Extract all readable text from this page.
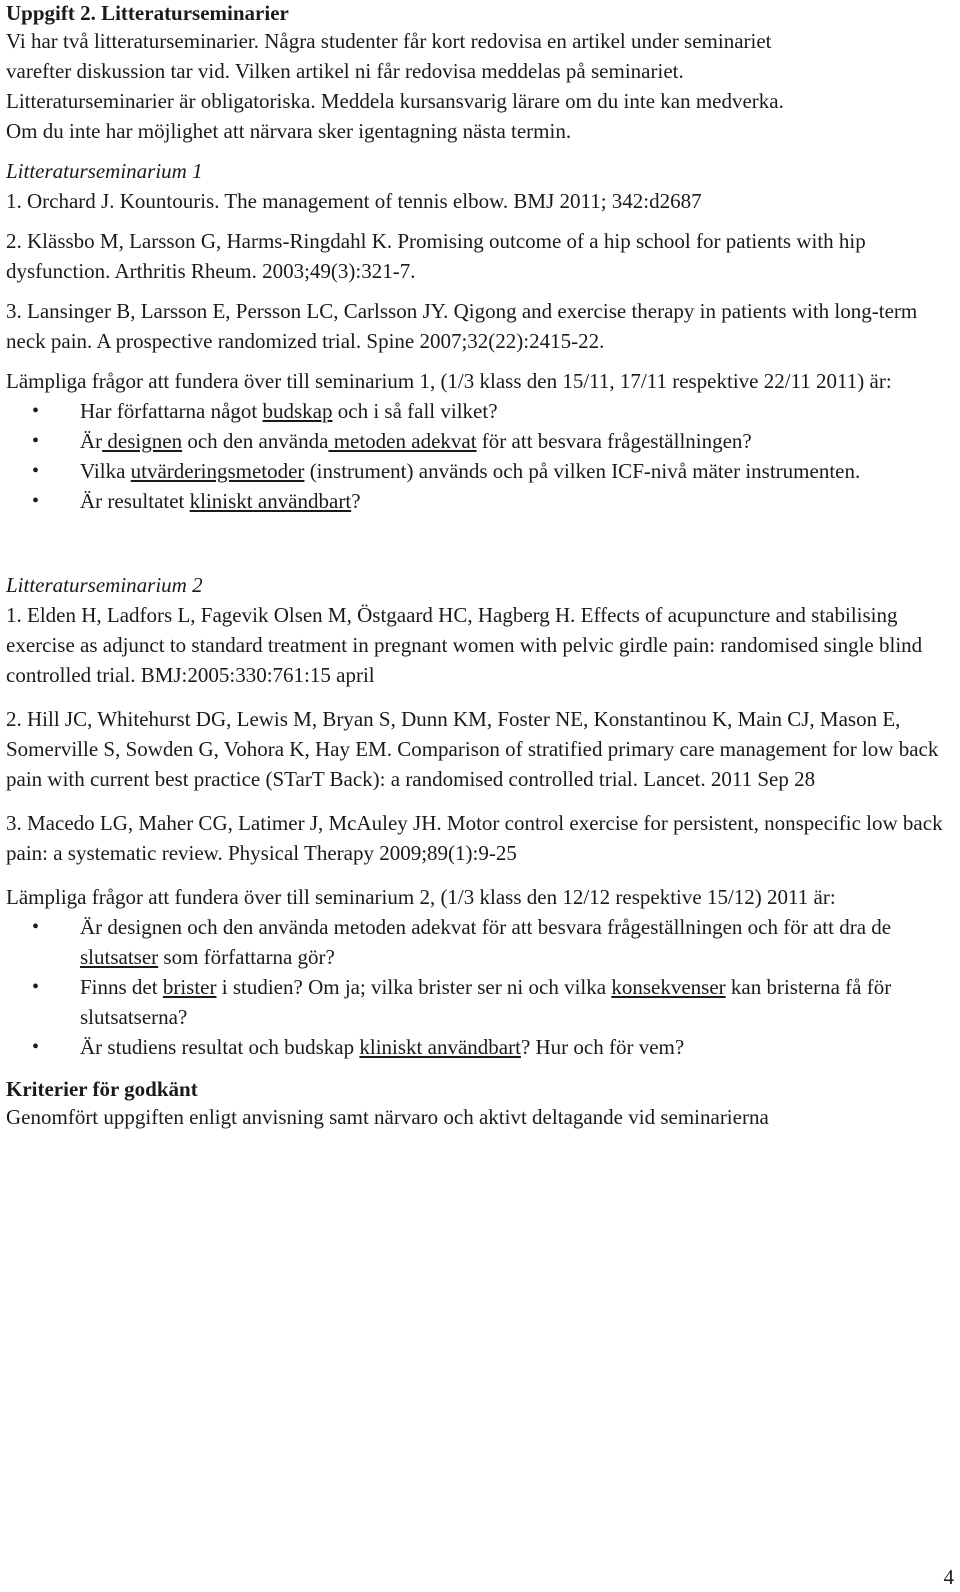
Uppgift 2. Litteraturseminarier

Vi har två litteraturseminarier. Några studenter får kort redovisa en artikel under seminariet
varefter diskussion tar vid. Vilken artikel ni får redovisa meddelas på seminariet.
Litteraturseminarier är obligatoriska. Meddela kursansvarig lärare om du inte kan medverka.
Om du inte har möjlighet att närvara sker igentagning nästa termin.

Litteraturseminarium 1

1. Orchard J. Kountouris. The management of tennis elbow. BMJ 2011; 342:d2687

2. Klässbo M, Larsson G, Harms-Ringdahl K. Promising outcome of a hip school for patients with hip dysfunction. Arthritis Rheum. 2003;49(3):321-7.

3. Lansinger B, Larsson E, Persson LC, Carlsson JY. Qigong and exercise therapy in patients with long-term neck pain. A prospective randomized trial. Spine 2007;32(22):2415-22.

Lämpliga frågor att fundera över till seminarium 1, (1/3 klass den 15/11, 17/11 respektive 22/11 2011) är:

• Har författarna något budskap och i så fall vilket?
• Är designen och den använda metoden adekvat för att besvara frågeställningen?
• Vilka utvärderingsmetoder (instrument) används och på vilken ICF-nivå mäter instrumenten.
• Är resultatet kliniskt användbart?
Litteraturseminarium 2

1. Elden H, Ladfors L, Fagevik Olsen M, Östgaard HC, Hagberg H. Effects of acupuncture and stabilising exercise as adjunct to standard treatment in pregnant women with pelvic girdle pain: randomised single blind controlled trial. BMJ:2005:330:761:15 april

2. Hill JC, Whitehurst DG, Lewis M, Bryan S, Dunn KM, Foster NE, Konstantinou K, Main CJ, Mason E, Somerville S, Sowden G, Vohora K, Hay EM. Comparison of stratified primary care management for low back pain with current best practice (STarT Back): a randomised controlled trial. Lancet. 2011 Sep 28

3. Macedo LG, Maher CG, Latimer J, McAuley JH. Motor control exercise for persistent, nonspecific low back pain: a systematic review. Physical Therapy 2009;89(1):9-25

Lämpliga frågor att fundera över till seminarium 2, (1/3 klass den 12/12 respektive 15/12) 2011 är:

• Är designen och den använda metoden adekvat för att besvara frågeställningen och för att dra de slutsatser som författarna gör?
• Finns det brister i studien? Om ja; vilka brister ser ni och vilka konsekvenser kan bristerna få för slutsatserna?
• Är studiens resultat och budskap kliniskt användbart? Hur och för vem?
Kriterier för godkänt

Genomfört uppgiften enligt anvisning samt närvaro och aktivt deltagande vid seminarierna

4
